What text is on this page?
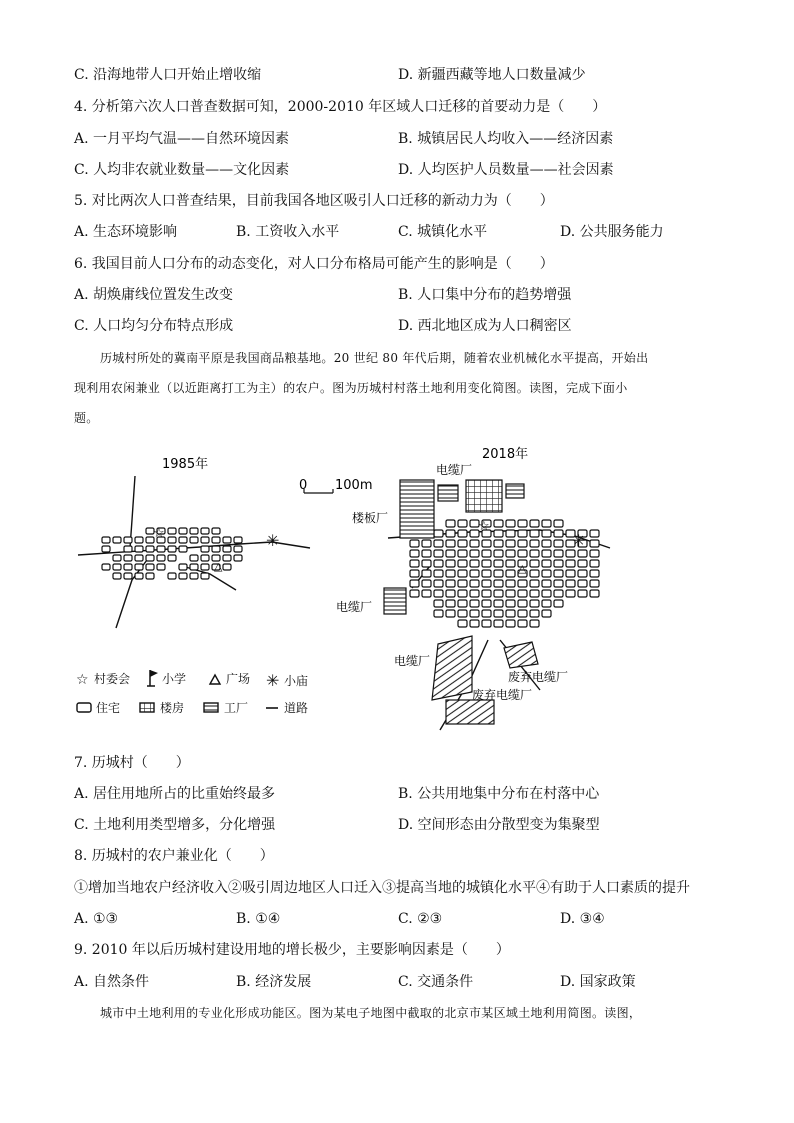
C. 沿海地带人口开始止增收缩	D. 新疆西藏等地人口数量减少
4. 分析第六次人口普查数据可知，2000-2010 年区域人口迁移的首要动力是（　　）
A. 一月平均气温——自然环境因素	B. 城镇居民人均收入——经济因素
C. 人均非农就业数量——文化因素	D. 人均医护人员数量——社会因素
5. 对比两次人口普查结果，目前我国各地区吸引人口迁移的新动力为（　　）
A. 生态环境影响	B. 工资收入水平	C. 城镇化水平	D. 公共服务能力
6. 我国目前人口分布的动态变化，对人口分布格局可能产生的影响是（　　）
A. 胡焕庸线位置发生改变	B. 人口集中分布的趋势增强
C. 人口均匀分布特点形成	D. 西北地区成为人口稠密区
历城村所处的冀南平原是我国商品粮基地。20 世纪 80 年代后期，随着农业机械化水平提高，开始出
现利用农闲兼业（以近距离打工为主）的农户。图为历城村村落土地利用变化简图。读图，完成下面小
题。
1985年
2018年
0 100m
☆
△
✳
☆
△
✳
电缆厂
楼板厂
电缆厂
电缆厂
废弃电缆厂
废弃电缆厂
☆ 村委会	小学	广场 ✳ 小庙
住宅	楼房	工厂	道路
7. 历城村（　　）
A. 居住用地所占的比重始终最多	B. 公共用地集中分布在村落中心
C. 土地利用类型增多，分化增强	D. 空间形态由分散型变为集聚型
8. 历城村的农户兼业化（　　）
①增加当地农户经济收入②吸引周边地区人口迁入③提高当地的城镇化水平④有助于人口素质的提升
A. ①③	B. ①④	C. ②③	D. ③④
9. 2010 年以后历城村建设用地的增长极少，主要影响因素是（　　）
A. 自然条件	B. 经济发展	C. 交通条件	D. 国家政策
城市中土地利用的专业化形成功能区。图为某电子地图中截取的北京市某区域土地利用简图。读图，
